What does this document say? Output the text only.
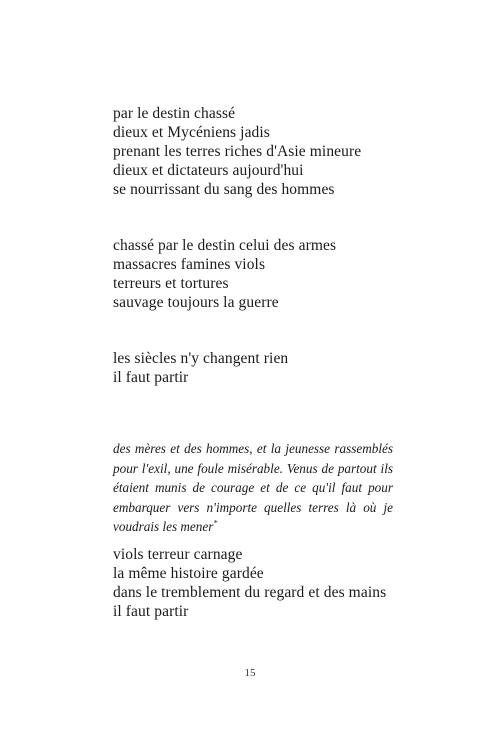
par le destin chassé
dieux et Mycéniens jadis
prenant les terres riches d'Asie mineure
dieux et dictateurs aujourd'hui
se nourrissant du sang des hommes
chassé par le destin celui des armes
massacres famines viols
terreurs et tortures
sauvage toujours la guerre
les siècles n'y changent rien
il faut partir
des mères et des hommes, et la jeunesse rassemblés pour l'exil, une foule misérable. Venus de partout ils étaient munis de courage et de ce qu'il faut pour embarquer vers n'importe quelles terres là où je voudrais les mener*
viols terreur carnage
la même histoire gardée
dans le tremblement du regard et des mains
il faut partir
15
